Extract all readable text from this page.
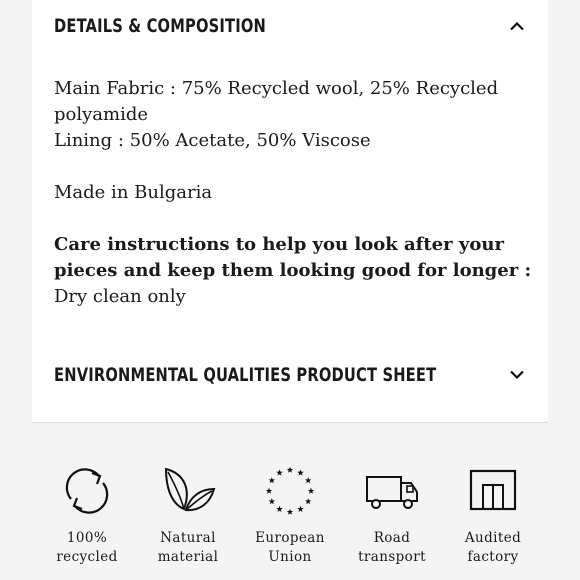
DETAILS & COMPOSITION

Main Fabric : 75% Recycled wool, 25% Recycled polyamide

Lining : 50% Acetate, 50% Viscose

Made in Bulgaria

Care instructions to help you look after your pieces and keep them looking good for longer :

Dry clean only

ENVIRONMENTAL QUALITIES PRODUCT SHEET
100%
recycled
Natural
material
European
Union
Road
transport
Audited
factory
